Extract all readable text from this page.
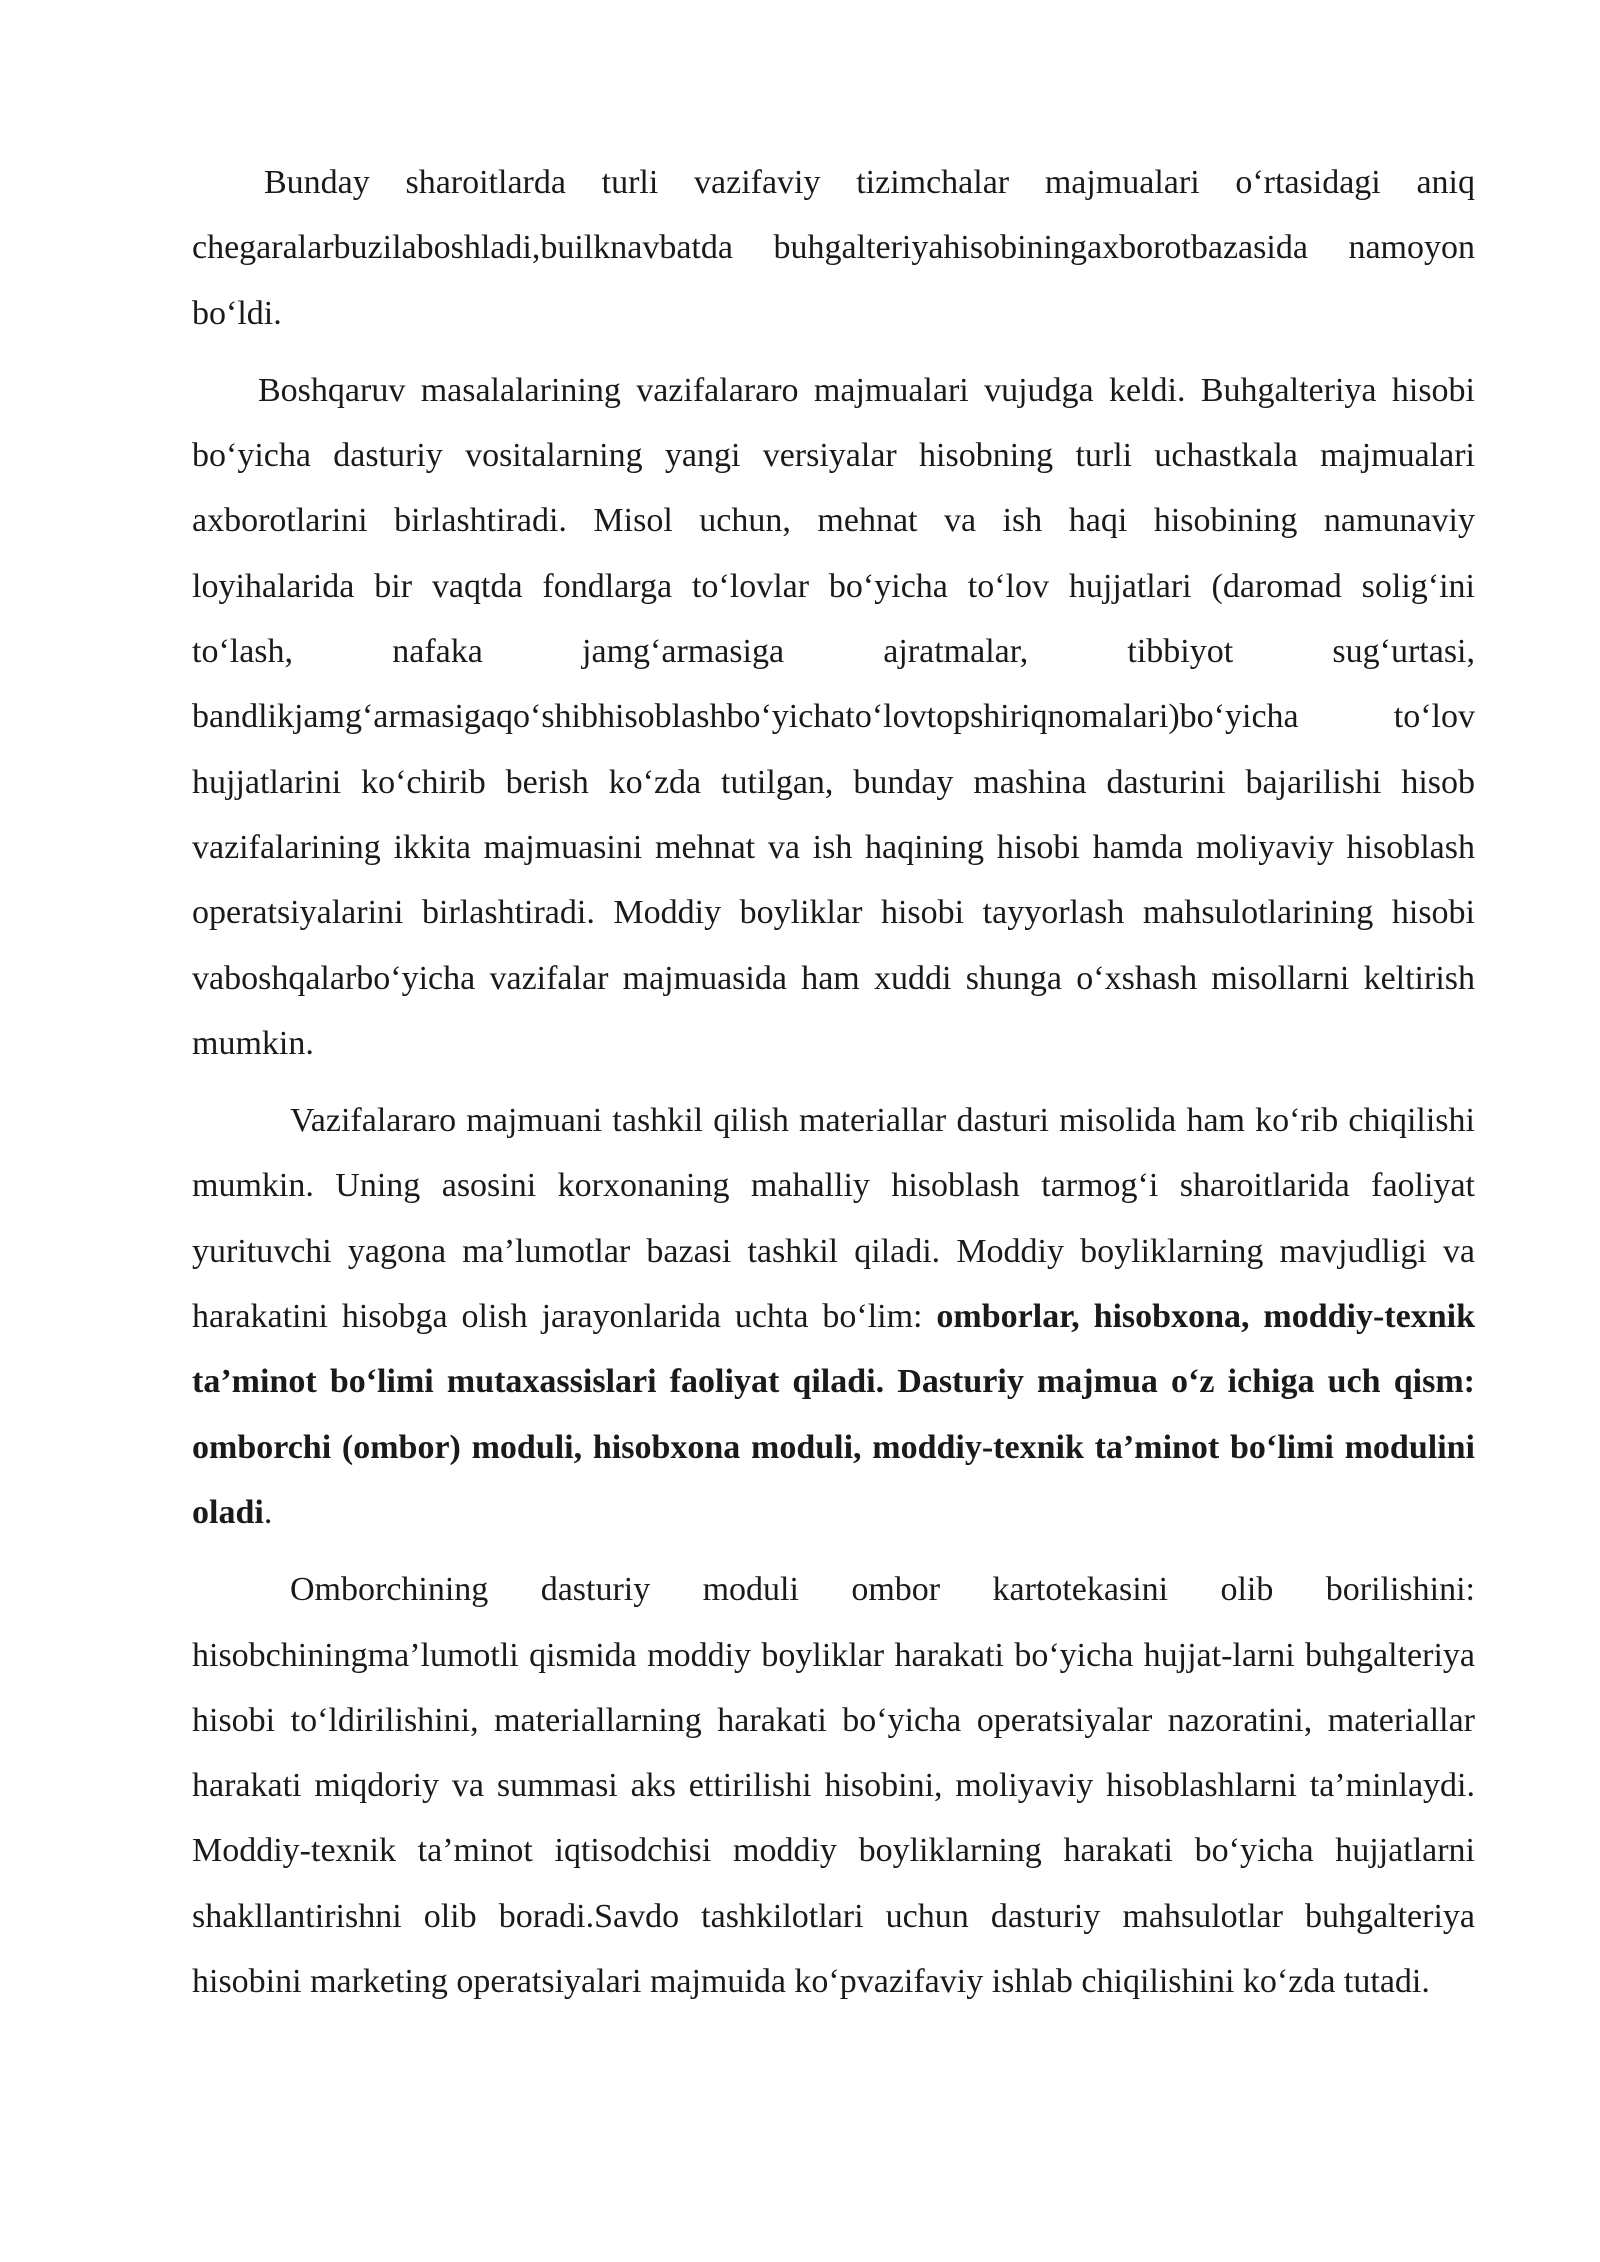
Bunday sharoitlarda turli vazifaviy tizimchalar majmualari o‘rtasidagi aniq chegaralarbuzilaboshladi,builknavbatda buhgalteriyahisobiningaxborotbazasida namoyon bo‘ldi.

Boshqaruv masalalarining vazifalararo majmualari vujudga keldi. Buhgalteriya hisobi bo‘yicha dasturiy vositalarning yangi versiyalar hisobning turli uchastkala majmualari axborotlarini birlashtiradi. Misol uchun, mehnat va ish haqi hisobining namunaviy loyihalarida bir vaqtda fondlarga to‘lovlar bo‘yicha to‘lov hujjatlari (daromad solig‘ini to‘lash, nafaka jamg‘armasiga ajratmalar, tibbiyot sug‘urtasi, bandlikjamg‘armasigaqo‘shibhisoblashbo‘yichato‘lovtopshiriqnomalari)bo‘yicha to‘lov hujjatlarini ko‘chirib berish ko‘zda tutilgan, bunday mashina dasturini bajarilishi hisob vazifalarining ikkita majmuasini mehnat va ish haqining hisobi hamda moliyaviy hisoblash operatsiyalarini birlashtiradi. Moddiy boyliklar hisobi tayyorlash mahsulotlarining hisobi vaboshqalarbo‘yicha vazifalar majmuasida ham xuddi shunga o‘xshash misollarni keltirish mumkin.

Vazifalararo majmuani tashkil qilish materiallar dasturi misolida ham ko‘rib chiqilishi mumkin. Uning asosini korxonaning mahalliy hisoblash tarmog‘i sharoitlarida faoliyat yurituvchi yagona ma’lumotlar bazasi tashkil qiladi. Moddiy boyliklarning mavjudligi va harakatini hisobga olish jarayonlarida uchta bo‘lim: omborlar, hisobxona, moddiy-texnik ta’minot bo‘limi mutaxassislari faoliyat qiladi. Dasturiy majmua o‘z ichiga uch qism: omborchi (ombor) moduli, hisobxona moduli, moddiy-texnik ta’minot bo‘limi modulini oladi.

Omborchining dasturiy moduli ombor kartotekasini olib borilishini: hisobchiningma’lumotli qismida moddiy boyliklar harakati bo‘yicha hujjat-larni buhgalteriya hisobi to‘ldirilishini, materiallarning harakati bo‘yicha operatsiyalar nazoratini, materiallar harakati miqdoriy va summasi aks ettirilishi hisobini, moliyaviy hisoblashlarni ta’minlaydi. Moddiy-texnik ta’minot iqtisodchisi moddiy boyliklarning harakati bo‘yicha hujjatlarni shakllantirishni olib boradi.Savdo tashkilotlari uchun dasturiy mahsulotlar buhgalteriya hisobini marketing operatsiyalari majmuida ko‘pvazifaviy ishlab chiqilishini ko‘zda tutadi.
